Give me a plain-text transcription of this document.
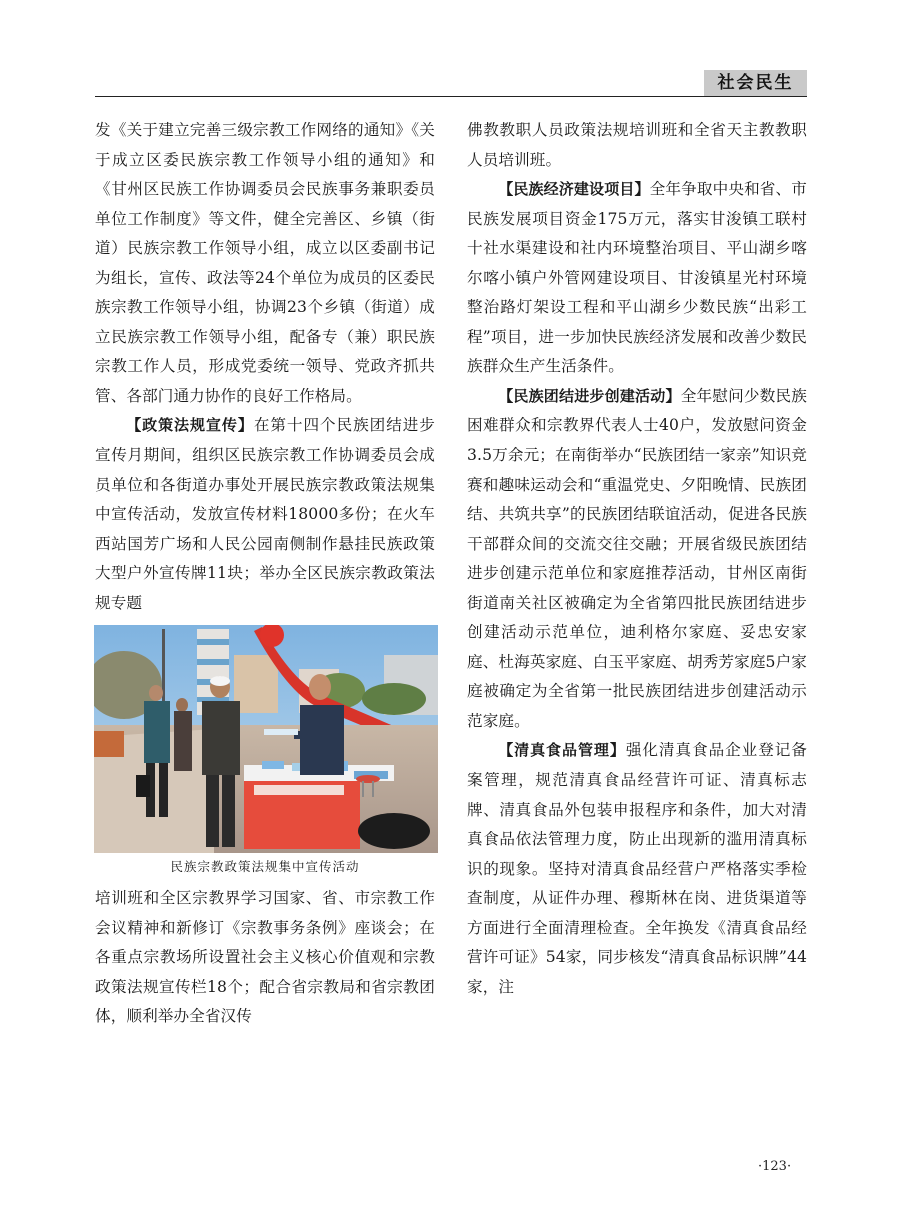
社会民生

发《关于建立完善三级宗教工作网络的通知》《关于成立区委民族宗教工作领导小组的通知》和《甘州区民族工作协调委员会民族事务兼职委员单位工作制度》等文件，健全完善区、乡镇（街道）民族宗教工作领导小组，成立以区委副书记为组长，宣传、政法等24个单位为成员的区委民族宗教工作领导小组，协调23个乡镇（街道）成立民族宗教工作领导小组，配备专（兼）职民族宗教工作人员，形成党委统一领导、党政齐抓共管、各部门通力协作的良好工作格局。

【政策法规宣传】在第十四个民族团结进步宣传月期间，组织区民族宗教工作协调委员会成员单位和各街道办事处开展民族宗教政策法规集中宣传活动，发放宣传材料18000多份；在火车西站国芳广场和人民公园南侧制作悬挂民族政策大型户外宣传牌11块；举办全区民族宗教政策法规专题

民族宗教政策法规集中宣传活动

培训班和全区宗教界学习国家、省、市宗教工作会议精神和新修订《宗教事务条例》座谈会；在各重点宗教场所设置社会主义核心价值观和宗教政策法规宣传栏18个；配合省宗教局和省宗教团体，顺利举办全省汉传

佛教教职人员政策法规培训班和全省天主教教职人员培训班。

【民族经济建设项目】全年争取中央和省、市民族发展项目资金175万元，落实甘浚镇工联村十社水渠建设和社内环境整治项目、平山湖乡喀尔喀小镇户外管网建设项目、甘浚镇星光村环境整治路灯架设工程和平山湖乡少数民族“出彩工程”项目，进一步加快民族经济发展和改善少数民族群众生产生活条件。

【民族团结进步创建活动】全年慰问少数民族困难群众和宗教界代表人士40户，发放慰问资金3.5万余元；在南街举办“民族团结一家亲”知识竞赛和趣味运动会和“重温党史、夕阳晚情、民族团结、共筑共享”的民族团结联谊活动，促进各民族干部群众间的交流交往交融；开展省级民族团结进步创建示范单位和家庭推荐活动，甘州区南街街道南关社区被确定为全省第四批民族团结进步创建活动示范单位，迪利格尔家庭、妥忠安家庭、杜海英家庭、白玉平家庭、胡秀芳家庭5户家庭被确定为全省第一批民族团结进步创建活动示范家庭。

【清真食品管理】强化清真食品企业登记备案管理，规范清真食品经营许可证、清真标志牌、清真食品外包装申报程序和条件，加大对清真食品依法管理力度，防止出现新的滥用清真标识的现象。坚持对清真食品经营户严格落实季检查制度，从证件办理、穆斯林在岗、进货渠道等方面进行全面清理检查。全年换发《清真食品经营许可证》54家，同步核发“清真食品标识牌”44家，注

·123·
